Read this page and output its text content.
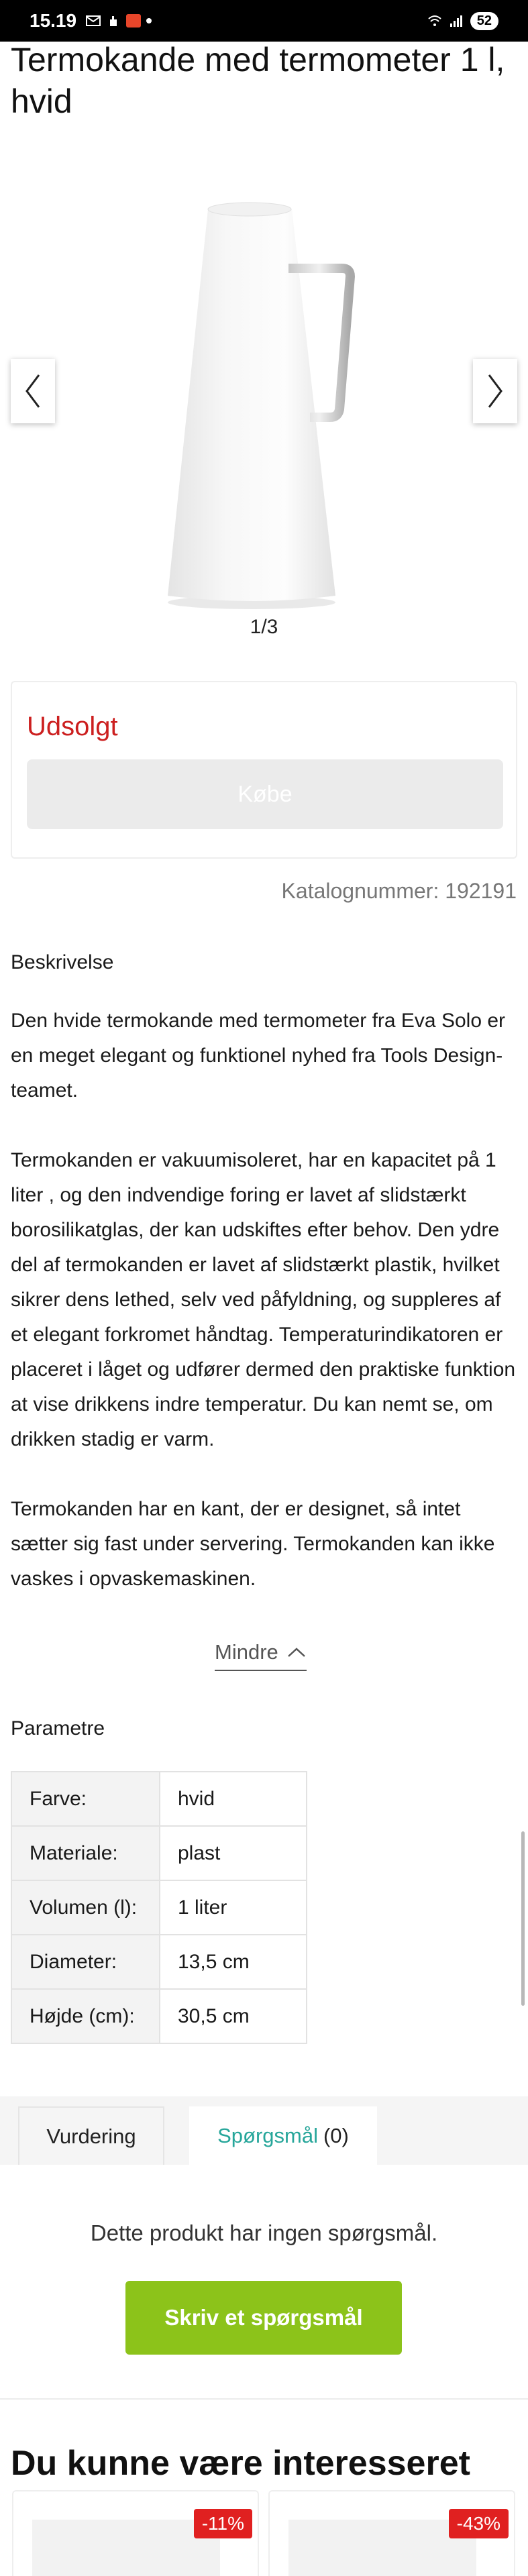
15.19	52
Termokande med termometer 1 l, hvid
1/3
Udsolgt
Købe
Katalognummer: 192191
Beskrivelse

Den hvide termokande med termometer fra Eva Solo er en meget elegant og funktionel nyhed fra Tools Design-teamet.

Termokanden er vakuumisoleret, har en kapacitet på 1 liter , og den indvendige foring er lavet af slidstærkt borosilikatglas, der kan udskiftes efter behov. Den ydre del af termokanden er lavet af slidstærkt plastik, hvilket sikrer dens lethed, selv ved påfyldning, og suppleres af et elegant forkromet håndtag. Temperaturindikatoren er placeret i låget og udfører dermed den praktiske funktion at vise drikkens indre temperatur. Du kan nemt se, om drikken stadig er varm.

Termokanden har en kant, der er designet, så intet sætter sig fast under servering. Termokanden kan ikke vaskes i opvaskemaskinen.

Mindre
Parametre
Farve:	hvid
Materiale:	plast
Volumen (l):	1 liter
Diameter:	13,5 cm
Højde (cm):	30,5 cm
Vurdering	Spørgsmål (0)
Dette produkt har ingen spørgsmål.
Skriv et spørgsmål
Du kunne være interesseret
-11%	-43%
